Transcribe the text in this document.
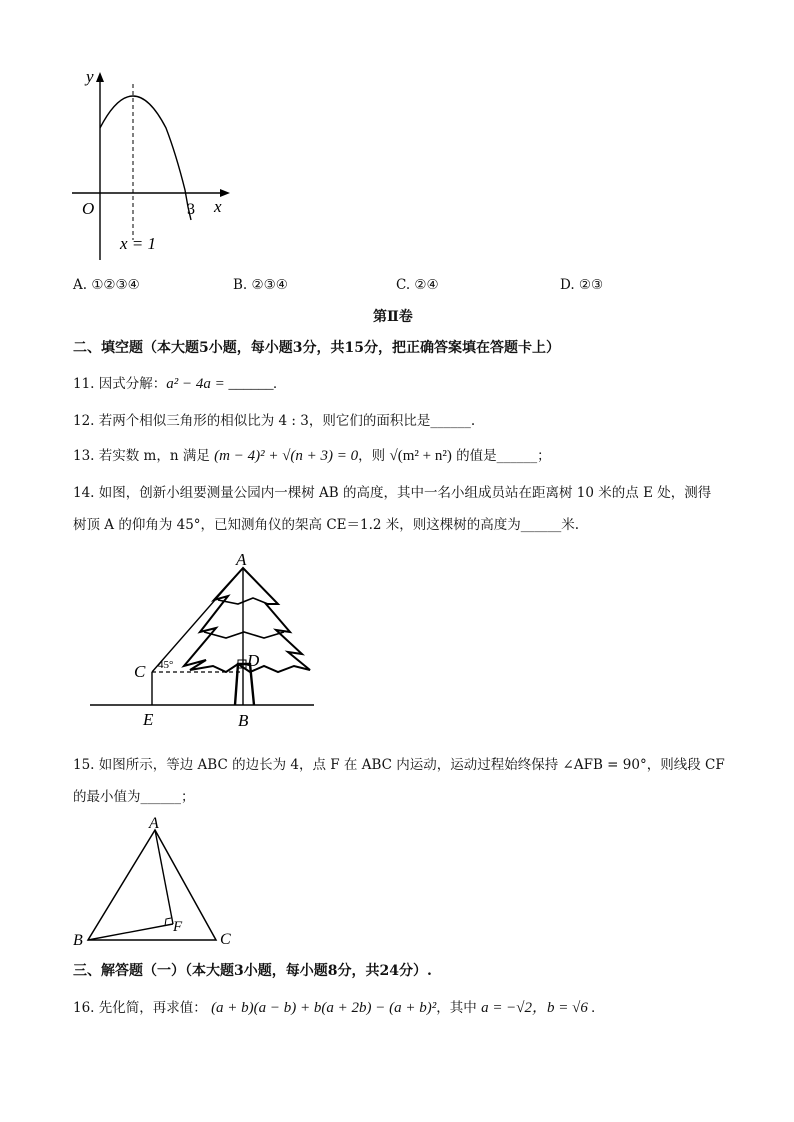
y
x
O	3
x = 1
A. ①②③④	B. ②③④	C. ②④	D. ②③
第Ⅱ卷
二、填空题（本大题5小题，每小题3分，共15分，把正确答案填在答题卡上）
11. 因式分解：a² − 4a = ______.
12. 若两个相似三角形的相似比为 4 : 3，则它们的面积比是______.
13. 若实数 m，n 满足 (m − 4)² + √(n + 3) = 0，则 √(m² + n²) 的值是______；
14. 如图，创新小组要测量公园内一棵树 AB 的高度，其中一名小组成员站在距离树 10 米的点 E 处，测得
树顶 A 的仰角为 45°，已知测角仪的架高 CE＝1.2 米，则这棵树的高度为______米.
A
C
D
E	B
45°
15. 如图所示，等边 ABC 的边长为 4，点 F 在 ABC 内运动，运动过程始终保持 ∠AFB = 90°，则线段 CF
的最小值为______；
A
B	C
F
三、解答题（一）（本大题3小题，每小题8分，共24分）.
16. 先化简，再求值： (a + b)(a − b) + b(a + 2b) − (a + b)²，其中 a = −√2，b = √6 .
